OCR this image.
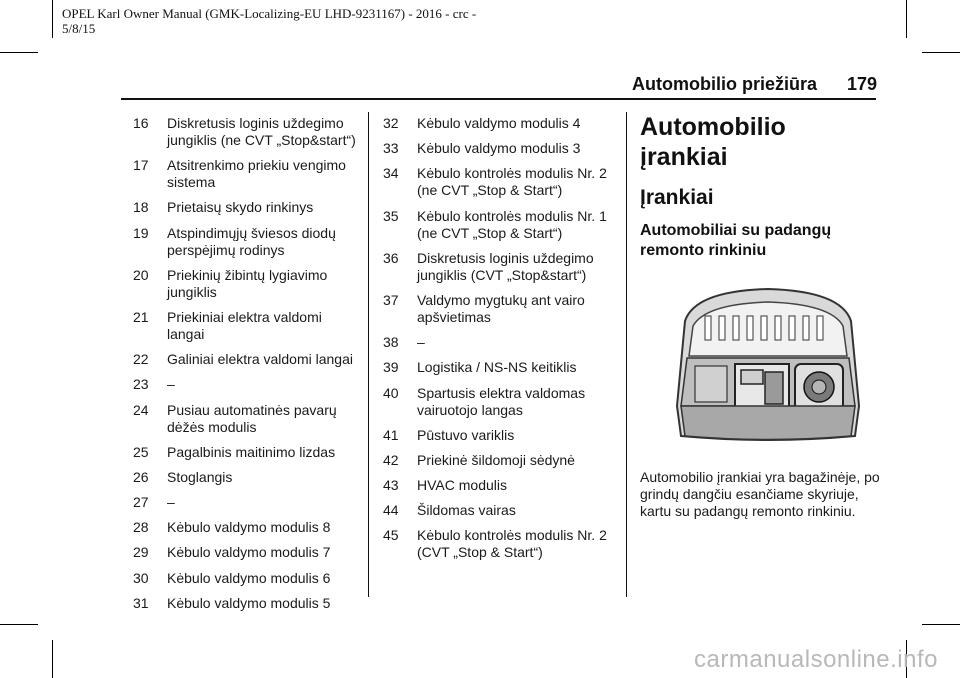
OPEL Karl Owner Manual (GMK-Localizing-EU LHD-9231167) - 2016 - crc -
5/8/15
Automobilio priežiūra 179
16	Diskretusis loginis uždegimo jungiklis (ne CVT „Stop&start“)
17	Atsitrenkimo priekiu vengimo sistema
18	Prietaisų skydo rinkinys
19	Atspindimųjų šviesos diodų perspėjimų rodinys
20	Priekinių žibintų lygiavimo jungiklis
21	Priekiniai elektra valdomi langai
22	Galiniai elektra valdomi langai
23	–
24	Pusiau automatinės pavarų dėžės modulis
25	Pagalbinis maitinimo lizdas
26	Stoglangis
27	–
28	Kėbulo valdymo modulis 8
29	Kėbulo valdymo modulis 7
30	Kėbulo valdymo modulis 6
31	Kėbulo valdymo modulis 5
32	Kėbulo valdymo modulis 4
33	Kėbulo valdymo modulis 3
34	Kėbulo kontrolės modulis Nr. 2 (ne CVT „Stop & Start“)
35	Kėbulo kontrolės modulis Nr. 1 (ne CVT „Stop & Start“)
36	Diskretusis loginis uždegimo jungiklis (CVT „Stop&start“)
37	Valdymo mygtukų ant vairo apšvietimas
38	–
39	Logistika / NS-NS keitiklis
40	Spartusis elektra valdomas vairuotojo langas
41	Pūstuvo variklis
42	Priekinė šildomoji sėdynė
43	HVAC modulis
44	Šildomas vairas
45	Kėbulo kontrolės modulis Nr. 2 (CVT „Stop & Start“)
Automobilio įrankiai
Įrankiai
Automobiliai su padangų remonto rinkiniu
Automobilio įrankiai yra bagažinėje, po grindų dangčiu esančiame skyriuje, kartu su padangų remonto rinkiniu.
carmanualsonline.info
